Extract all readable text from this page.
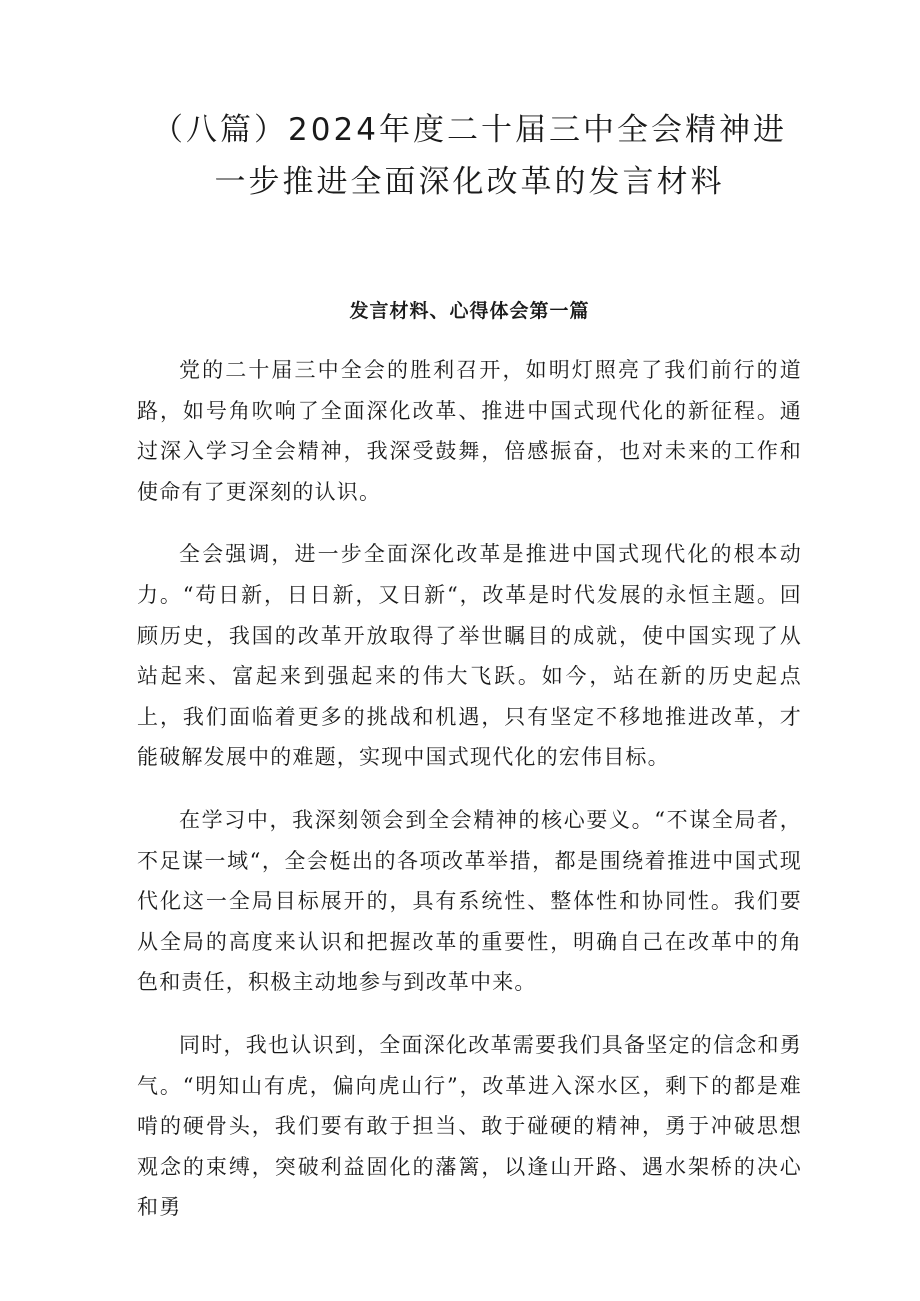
（八篇）2024年度二十届三中全会精神进
一步推进全面深化改革的发言材料
发言材料、心得体会第一篇

党的二十届三中全会的胜利召开，如明灯照亮了我们前行的道路，如号角吹响了全面深化改革、推进中国式现代化的新征程。通过深入学习全会精神，我深受鼓舞，倍感振奋，也对未来的工作和使命有了更深刻的认识。

全会强调，进一步全面深化改革是推进中国式现代化的根本动力。“苟日新，日日新，又日新“，改革是时代发展的永恒主题。回顾历史，我国的改革开放取得了举世瞩目的成就，使中国实现了从站起来、富起来到强起来的伟大飞跃。如今，站在新的历史起点上，我们面临着更多的挑战和机遇，只有坚定不移地推进改革，才能破解发展中的难题，实现中国式现代化的宏伟目标。

在学习中，我深刻领会到全会精神的核心要义。“不谋全局者，不足谋一域“，全会梃出的各项改革举措，都是围绕着推进中国式现代化这一全局目标展开的，具有系统性、整体性和协同性。我们要从全局的高度来认识和把握改革的重要性，明确自己在改革中的角色和责任，积极主动地参与到改革中来。

同时，我也认识到，全面深化改革需要我们具备坚定的信念和勇气。“明知山有虎，偏向虎山行”，改革进入深水区，剩下的都是难啃的硬骨头，我们要有敢于担当、敢于碰硬的精神，勇于冲破思想观念的束缚，突破利益固化的藩篱，以逢山开路、遇水架桥的决心和勇
